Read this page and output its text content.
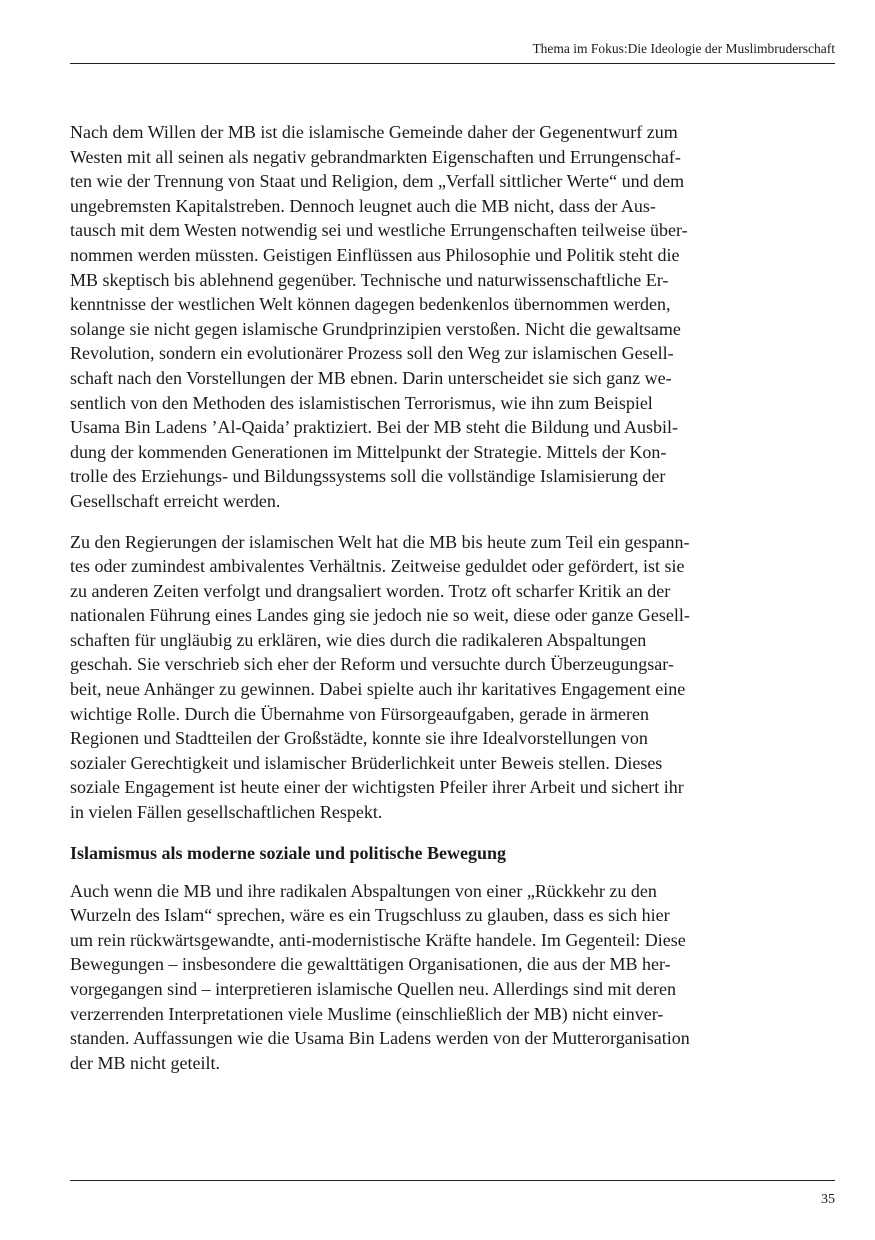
Thema im Fokus:Die Ideologie der Muslimbruderschaft

Nach dem Willen der MB ist die islamische Gemeinde daher der Gegenentwurf zum
Westen mit all seinen als negativ gebrandmarkten Eigenschaften und Errungenschaf-
ten wie der Trennung von Staat und Religion, dem „Verfall sittlicher Werte“ und dem
ungebremsten Kapitalstreben. Dennoch leugnet auch die MB nicht, dass der Aus-
tausch mit dem Westen notwendig sei und westliche Errungenschaften teilweise über-
nommen werden müssten. Geistigen Einflüssen aus Philosophie und Politik steht die
MB skeptisch bis ablehnend gegenüber. Technische und naturwissenschaftliche Er-
kenntnisse der westlichen Welt können dagegen bedenkenlos übernommen werden,
solange sie nicht gegen islamische Grundprinzipien verstoßen. Nicht die gewaltsame
Revolution, sondern ein evolutionärer Prozess soll den Weg zur islamischen Gesell-
schaft nach den Vorstellungen der MB ebnen. Darin unterscheidet sie sich ganz we-
sentlich von den Methoden des islamistischen Terrorismus, wie ihn zum Beispiel
Usama Bin Ladens ’Al-Qaida’ praktiziert. Bei der MB steht die Bildung und Ausbil-
dung der kommenden Generationen im Mittelpunkt der Strategie. Mittels der Kon-
trolle des Erziehungs- und Bildungssystems soll die vollständige Islamisierung der
Gesellschaft erreicht werden.

Zu den Regierungen der islamischen Welt hat die MB bis heute zum Teil ein gespann-
tes oder zumindest ambivalentes Verhältnis. Zeitweise geduldet oder gefördert, ist sie
zu anderen Zeiten verfolgt und drangsaliert worden. Trotz oft scharfer Kritik an der
nationalen Führung eines Landes ging sie jedoch nie so weit, diese oder ganze Gesell-
schaften für ungläubig zu erklären, wie dies durch die radikaleren Abspaltungen
geschah. Sie verschrieb sich eher der Reform und versuchte durch Überzeugungsar-
beit, neue Anhänger zu gewinnen. Dabei spielte auch ihr karitatives Engagement eine
wichtige Rolle. Durch die Übernahme von Fürsorgeaufgaben, gerade in ärmeren
Regionen und Stadtteilen der Großstädte, konnte sie ihre Idealvorstellungen von
sozialer Gerechtigkeit und islamischer Brüderlichkeit unter Beweis stellen. Dieses
soziale Engagement ist heute einer der wichtigsten Pfeiler ihrer Arbeit und sichert ihr
in vielen Fällen gesellschaftlichen Respekt.

Islamismus als moderne soziale und politische Bewegung

Auch wenn die MB und ihre radikalen Abspaltungen von einer „Rückkehr zu den
Wurzeln des Islam“ sprechen, wäre es ein Trugschluss zu glauben, dass es sich hier
um rein rückwärtsgewandte, anti-modernistische Kräfte handele. Im Gegenteil: Diese
Bewegungen – insbesondere die gewalttätigen Organisationen, die aus der MB her-
vorgegangen sind – interpretieren islamische Quellen neu. Allerdings sind mit deren
verzerrenden Interpretationen viele Muslime (einschließlich der MB) nicht einver-
standen. Auffassungen wie die Usama Bin Ladens werden von der Mutterorganisation
der MB nicht geteilt.

35
